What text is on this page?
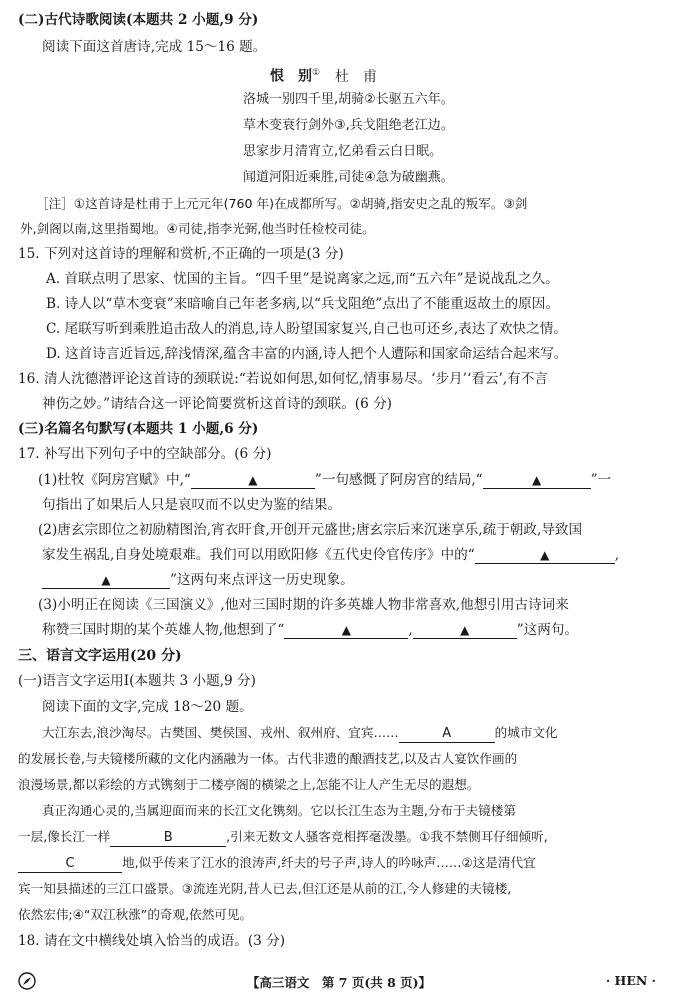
(二)古代诗歌阅读(本题共 2 小题,9 分)
阅读下面这首唐诗,完成 15～16 题。
恨　别① 杜　甫
洛城一别四千里,胡骑②长驱五六年。
草木变衰行剑外③,兵戈阻绝老江边。
思家步月清宵立,忆弟看云白日眠。
闻道河阳近乘胜,司徒④急为破幽燕。
［注］①这首诗是杜甫于上元元年(760 年)在成都所写。②胡骑,指安史之乱的叛军。③剑
外,剑阁以南,这里指蜀地。④司徒,指李光弼,他当时任检校司徒。
15. 下列对这首诗的理解和赏析,不正确的一项是(3 分)
A. 首联点明了思家、忧国的主旨。“四千里”是说离家之远,而“五六年”是说战乱之久。
B. 诗人以“草木变衰”来暗喻自己年老多病,以“兵戈阻绝”点出了不能重返故土的原因。
C. 尾联写听到乘胜追击敌人的消息,诗人盼望国家复兴,自己也可还乡,表达了欢快之情。
D. 这首诗言近旨远,辞浅情深,蕴含丰富的内涵,诗人把个人遭际和国家命运结合起来写。
16. 清人沈德潜评论这首诗的颈联说:“若说如何思,如何忆,情事易尽。‘步月’‘看云’,有不言
神伤之妙。”请结合这一评论简要赏析这首诗的颈联。(6 分)
(三)名篇名句默写(本题共 1 小题,6 分)
17. 补写出下列句子中的空缺部分。(6 分)
(1)杜牧《阿房宫赋》中,“	▲	”一句感慨了阿房宫的结局,“	▲	”一
句指出了如果后人只是哀叹而不以史为鉴的结果。
(2)唐玄宗即位之初励精图治,宵衣旰食,开创开元盛世;唐玄宗后来沉迷享乐,疏于朝政,导致国
家发生祸乱,自身处境艰难。我们可以用欧阳修《五代史伶官传序》中的“	▲	,
▲	”这两句来点评这一历史现象。
(3)小明正在阅读《三国演义》,他对三国时期的许多英雄人物非常喜欢,他想引用古诗词来
称赞三国时期的某个英雄人物,他想到了“	▲	,	▲	”这两句。
三、语言文字运用(20 分)
(一)语言文字运用Ⅰ(本题共 3 小题,9 分)
阅读下面的文字,完成 18～20 题。
大江东去,浪沙淘尽。古樊国、樊侯国、戎州、叙州府、宜宾……	A	的城市文化
的发展长卷,与夫镜楼所藏的文化内涵融为一体。古代非遗的酿酒技艺,以及古人宴饮作画的
浪漫场景,都以彩绘的方式镌刻于二楼亭阁的横梁之上,怎能不让人产生无尽的遐想。
真正沟通心灵的,当属迎面而来的长江文化镌刻。它以长江生态为主题,分布于夫镜楼第
一层,像长江一样	B	,引来无数文人骚客竞相挥毫泼墨。①我不禁侧耳仔细倾听,
C	地,似乎传来了江水的浪涛声,纤夫的号子声,诗人的吟咏声……②这是清代宜
宾一知县描述的三江口盛景。③流连光阴,昔人已去,但江还是从前的江,今人修建的夫镜楼,
依然宏伟;④“双江秋涨”的奇观,依然可见。
18. 请在文中横线处填入恰当的成语。(3 分)
【高三语文　第 7 页(共 8 页)】	· HEN ·
